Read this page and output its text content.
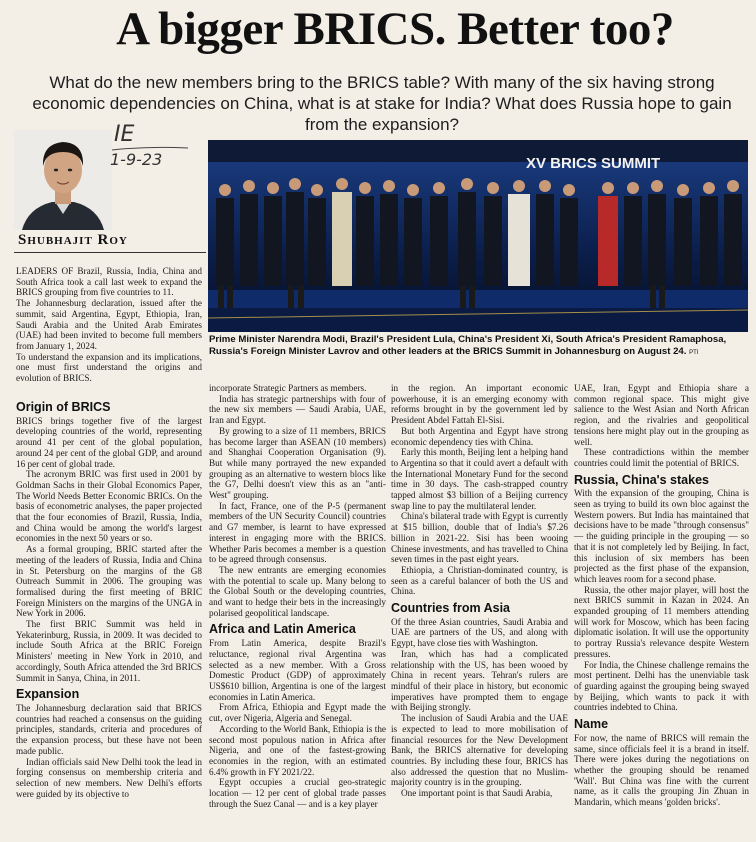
A bigger BRICS. Better too?
What do the new members bring to the BRICS table? With many of the six having strong economic dependencies on China, what is at stake for India? What does Russia hope to gain from the expansion?
IE
1-9-23
Shubhajit Roy
XV BRICS SUMMIT
Prime Minister Narendra Modi, Brazil's President Lula, China's President Xi, South Africa's President Ramaphosa, Russia's Foreign Minister Lavrov and other leaders at the BRICS Summit in Johannesburg on August 24. PTI

LEADERS OF Brazil, Russia, India, China and South Africa took a call last week to expand the BRICS grouping from five countries to 11.

The Johannesburg declaration, issued after the summit, said Argentina, Egypt, Ethiopia, Iran, Saudi Arabia and the United Arab Emirates (UAE) had been invited to become full members from January 1, 2024.

To understand the expansion and its implications, one must first understand the origins and evolution of BRICS.

Origin of BRICS

BRICS brings together five of the largest developing countries of the world, representing around 41 per cent of the global population, around 24 per cent of the global GDP, and around 16 per cent of global trade.

The acronym BRIC was first used in 2001 by Goldman Sachs in their Global Economics Paper, The World Needs Better Economic BRICs. On the basis of econometric analyses, the paper projected that the four economies of Brazil, Russia, India, and China would be among the world's largest economies in the next 50 years or so.

As a formal grouping, BRIC started after the meeting of the leaders of Russia, India and China in St. Petersburg on the margins of the G8 Outreach Summit in 2006. The grouping was formalised during the first meeting of BRIC Foreign Ministers on the margins of the UNGA in New York in 2006.

The first BRIC Summit was held in Yekaterinburg, Russia, in 2009. It was decided to include South Africa at the BRIC Foreign Ministers' meeting in New York in 2010, and accordingly, South Africa attended the 3rd BRICS Summit in Sanya, China, in 2011.

Expansion

The Johannesburg declaration said that BRICS countries had reached a consensus on the guiding principles, standards, criteria and procedures of the expansion process, but these have not been made public.

Indian officials said New Delhi took the lead in forging consensus on membership criteria and selection of new members. New Delhi's efforts were guided by its objective to

incorporate Strategic Partners as members.

India has strategic partnerships with four of the new six members — Saudi Arabia, UAE, Iran and Egypt.

By growing to a size of 11 members, BRICS has become larger than ASEAN (10 members) and Shanghai Cooperation Organisation (9). But while many portrayed the new expanded grouping as an alternative to western blocs like the G7, Delhi doesn't view this as an "anti-West" grouping.

In fact, France, one of the P-5 (permanent members of the UN Security Council) countries and G7 member, is learnt to have expressed interest in engaging more with the BRICS. Whether Paris becomes a member is a question to be agreed through consensus.

The new entrants are emerging economies with the potential to scale up. Many belong to the Global South or the developing countries, and want to hedge their bets in the increasingly polarised geopolitical landscape.

Africa and Latin America

From Latin America, despite Brazil's reluctance, regional rival Argentina was selected as a new member. With a Gross Domestic Product (GDP) of approximately US$610 billion, Argentina is one of the largest economies in Latin America.

From Africa, Ethiopia and Egypt made the cut, over Nigeria, Algeria and Senegal.

According to the World Bank, Ethiopia is the second most populous nation in Africa after Nigeria, and one of the fastest-growing economies in the region, with an estimated 6.4% growth in FY 2021/22.

Egypt occupies a crucial geo-strategic location — 12 per cent of global trade passes through the Suez Canal — and is a key player

in the region. An important economic powerhouse, it is an emerging economy with reforms brought in by the government led by President Abdel Fattah El-Sisi.

But both Argentina and Egypt have strong economic dependency ties with China.

Early this month, Beijing lent a helping hand to Argentina so that it could avert a default with the International Monetary Fund for the second time in 30 days. The cash-strapped country tapped almost $3 billion of a Beijing currency swap line to pay the multilateral lender.

China's bilateral trade with Egypt is currently at $15 billion, double that of India's $7.26 billion in 2021-22. Sisi has been wooing Chinese investments, and has travelled to China seven times in the past eight years.

Ethiopia, a Christian-dominated country, is seen as a careful balancer of both the US and China.

Countries from Asia

Of the three Asian countries, Saudi Arabia and UAE are partners of the US, and along with Egypt, have close ties with Washington.

Iran, which has had a complicated relationship with the US, has been wooed by China in recent years. Tehran's rulers are mindful of their place in history, but economic imperatives have prompted them to engage with Beijing strongly.

The inclusion of Saudi Arabia and the UAE is expected to lead to more mobilisation of financial resources for the New Development Bank, the BRICS alternative for developing countries. By including these four, BRICS has also addressed the question that no Muslim-majority country is in the grouping.

One important point is that Saudi Arabia,

UAE, Iran, Egypt and Ethiopia share a common regional space. This might give salience to the West Asian and North African region, and the rivalries and geopolitical tensions here might play out in the grouping as well.

These contradictions within the member countries could limit the potential of BRICS.

Russia, China's stakes

With the expansion of the grouping, China is seen as trying to build its own bloc against the Western powers. But India has maintained that decisions have to be made "through consensus" — the guiding principle in the grouping — so that it is not completely led by Beijing. In fact, this inclusion of six members has been projected as the first phase of the expansion, which leaves room for a second phase.

Russia, the other major player, will host the next BRICS summit in Kazan in 2024. An expanded grouping of 11 members attending will work for Moscow, which has been facing diplomatic isolation. It will use the opportunity to portray Russia's relevance despite Western pressures.

For India, the Chinese challenge remains the most pertinent. Delhi has the unenviable task of guarding against the grouping being swayed by Beijing, which wants to pack it with countries indebted to China.

Name

For now, the name of BRICS will remain the same, since officials feel it is a brand in itself. There were jokes during the negotiations on whether the grouping should be renamed 'Wall'. But China was fine with the current name, as it calls the grouping Jin Zhuan in Mandarin, which means 'golden bricks'.
